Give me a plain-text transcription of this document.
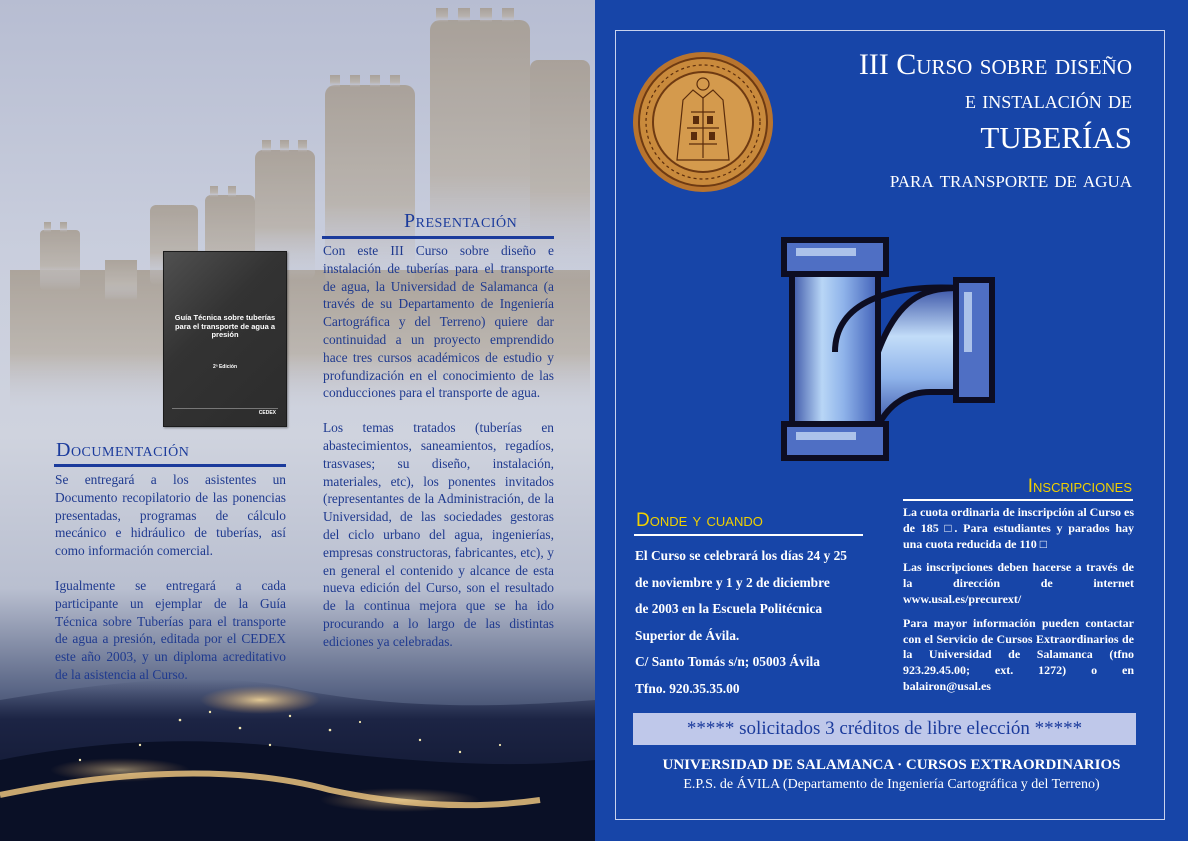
Presentación

Con este III Curso sobre diseño e instalación de tuberías para el transporte de agua, la Universidad de Salamanca (a través de su Departamento de Ingeniería Cartográfica y del Terreno) quiere dar continuidad a un proyecto emprendido hace tres cursos académicos de estudio y profundización en el conocimiento de las conducciones para el transporte de agua.

Los temas tratados (tuberías en abastecimientos, saneamientos, regadíos, trasvases; su diseño, instalación, materiales, etc), los ponentes invitados (representantes de la Administración, de la Universidad, de las sociedades gestoras del ciclo urbano del agua, ingenierías, empresas constructoras, fabricantes, etc), y en general el contenido y alcance de esta nueva edición del Curso, son el resultado de la continua mejora que se ha ido procurando a lo largo de las distintas ediciones ya celebradas.

Guía Técnica sobre tuberías para el transporte de agua a presión
2ª Edición
CEDEX
Documentación

Se entregará a los asistentes un Documento recopilatorio de las ponencias presentadas, programas de cálculo mecánico e hidráulico de tuberías, así como información comercial.

Igualmente se entregará a cada participante un ejemplar de la Guía Técnica sobre Tuberías para el transporte de agua a presión, editada por el CEDEX este año 2003, y un diploma acreditativo de la asistencia al Curso.

III Curso sobre diseño
e instalación de
TUBERÍAS
para transporte de agua
Donde y cuando
El Curso se celebrará los días 24 y 25
de noviembre y 1 y 2 de diciembre
de 2003 en la Escuela Politécnica
Superior de Ávila.
C/ Santo Tomás s/n; 05003 Ávila
Tfno. 920.35.35.00
Inscripciones

La cuota ordinaria de inscripción al Curso es de 185 □. Para estudiantes y parados hay una cuota reducida de 110 □

Las inscripciones deben hacerse a través de la dirección de internet www.usal.es/precurext/

Para mayor información pueden contactar con el Servicio de Cursos Extraordinarios de la Universidad de Salamanca (tfno 923.29.45.00; ext. 1272) o en balairon@usal.es

***** solicitados 3 créditos de libre elección *****
UNIVERSIDAD DE SALAMANCA · CURSOS EXTRAORDINARIOS
E.P.S. de ÁVILA (Departamento de Ingeniería Cartográfica y del Terreno)
